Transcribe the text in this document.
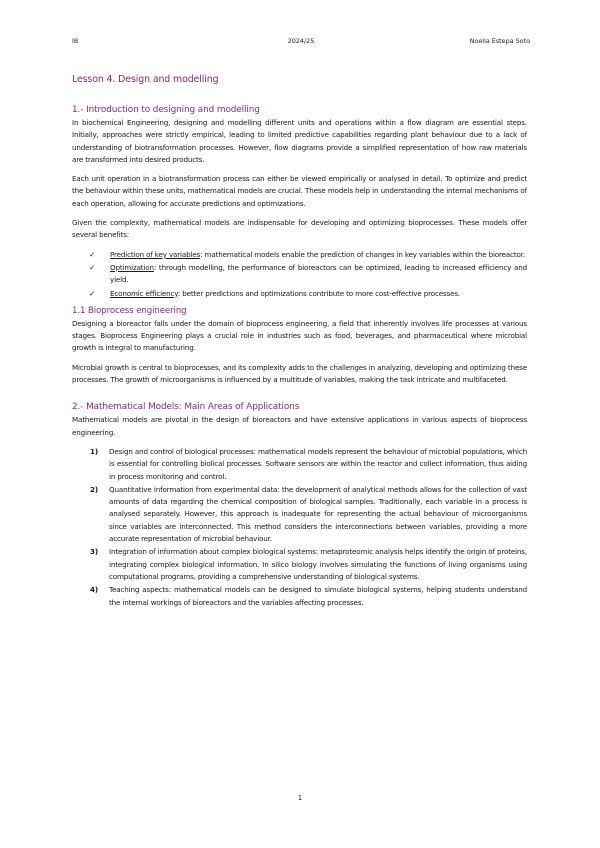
IB	2024/25	Noelia Estepa Soto
Lesson 4. Design and modelling
1.- Introduction to designing and modelling

In biochemical Engineering, designing and modelling different units and operations within a flow diagram are essential steps. Initially, approaches were strictly empirical, leading to limited predictive capabilities regarding plant behaviour due to a lack of understanding of biotransformation processes. However, flow diagrams provide a simplified representation of how raw materials are transformed into desired products.

Each unit operation in a biotransformation process can either be viewed empirically or analysed in detail. To optimize and predict the behaviour within these units, mathematical models are crucial. These models help in understanding the internal mechanisms of each operation, allowing for accurate predictions and optimizations.

Given the complexity, mathematical models are indispensable for developing and optimizing bioprocesses. These models offer several benefits:

✓ Prediction of key variables: mathematical models enable the prediction of changes in key variables within the bioreactor.
✓ Optimization: through modelling, the performance of bioreactors can be optimized, leading to increased efficiency and yield.
✓ Economic efficiency: better predictions and optimizations contribute to more cost-effective processes.
1.1 Bioprocess engineering

Designing a bioreactor falls under the domain of bioprocess engineering, a field that inherently involves life processes at various stages. Bioprocess Engineering plays a crucial role in industries such as food, beverages, and pharmaceutical where microbial growth is integral to manufacturing.

Microbial growth is central to bioprocesses, and its complexity adds to the challenges in analyzing, developing and optimizing these processes. The growth of microorganisms is influenced by a multitude of variables, making the task intricate and multifaceted.

2.- Mathematical Models: Main Areas of Applications

Mathematical models are pivotal in the design of bioreactors and have extensive applications in various aspects of bioprocess engineering.

1) Design and control of biological processes: mathematical models represent the behaviour of microbial populations, which is essential for controlling biolical processes. Software sensors are within the reactor and collect information, thus aiding in process monitoring and control.
2) Quantitative information from experimental data: the development of analytical methods allows for the collection of vast amounts of data regarding the chemical composition of biological samples. Traditionally, each variable in a process is analysed separately. However, this approach is inadequate for representing the actual behaviour of microorganisms since variables are interconnected. This method considers the interconnections between variables, providing a more accurate representation of microbial behaviour.
3) Integration of information about complex biological systems: metaproteomic analysis helps identify the origin of proteins, integrating complex biological information. In silico biology involves simulating the functions of living organisms using computational programs, providing a comprehensive understanding of biological systems.
4) Teaching aspects: mathematical models can be designed to simulate biological systems, helping students understand the internal workings of bioreactors and the variables affecting processes.
1
